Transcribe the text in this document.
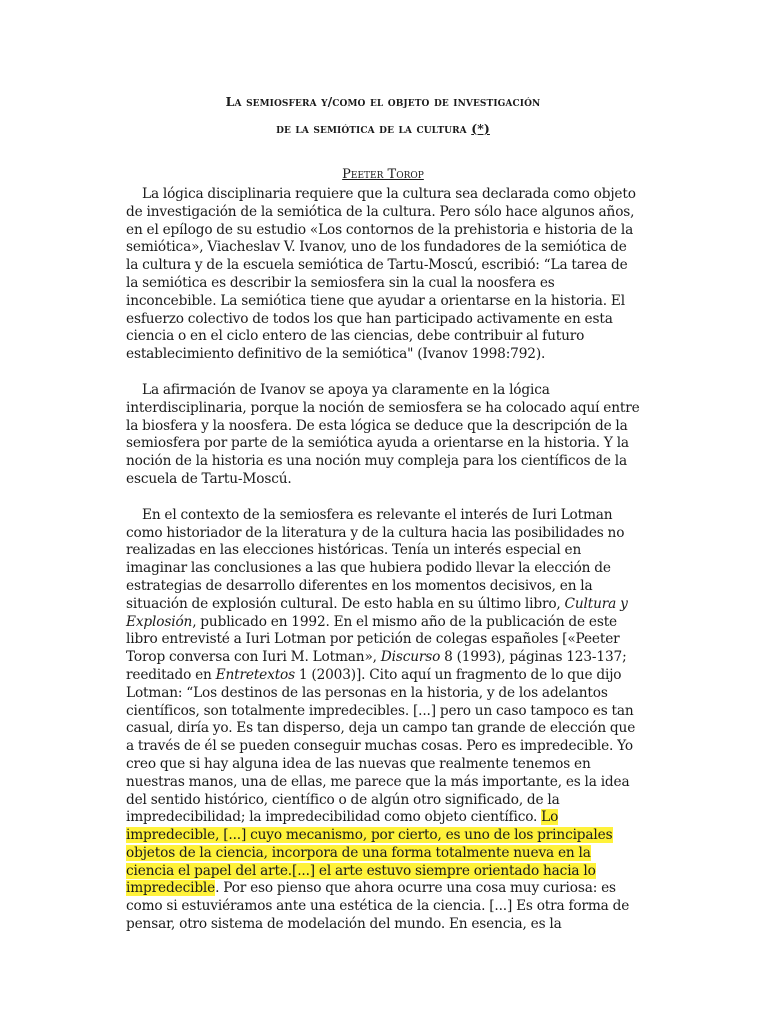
La semiosfera y/como el objeto de investigación
de la semiótica de la cultura (*)
Peeter Torop

La lógica disciplinaria requiere que la cultura sea declarada como objeto de investigación de la semiótica de la cultura. Pero sólo hace algunos años, en el epílogo de su estudio «Los contornos de la prehistoria e historia de la semiótica», Viacheslav V. Ivanov, uno de los fundadores de la semiótica de la cultura y de la escuela semiótica de Tartu-Moscú, escribió: “La tarea de la semiótica es describir la semiosfera sin la cual la noosfera es inconcebible. La semiótica tiene que ayudar a orientarse en la historia. El esfuerzo colectivo de todos los que han participado activamente en esta ciencia o en el ciclo entero de las ciencias, debe contribuir al futuro establecimiento definitivo de la semiótica" (Ivanov 1998:792).

La afirmación de Ivanov se apoya ya claramente en la lógica interdisciplinaria, porque la noción de semiosfera se ha colocado aquí entre la biosfera y la noosfera. De esta lógica se deduce que la descripción de la semiosfera por parte de la semiótica ayuda a orientarse en la historia. Y la noción de la historia es una noción muy compleja para los científicos de la escuela de Tartu-Moscú.

En el contexto de la semiosfera es relevante el interés de Iuri Lotman como historiador de la literatura y de la cultura hacia las posibilidades no realizadas en las elecciones históricas. Tenía un interés especial en imaginar las conclusiones a las que hubiera podido llevar la elección de estrategias de desarrollo diferentes en los momentos decisivos, en la situación de explosión cultural. De esto habla en su último libro, Cultura y Explosión, publicado en 1992. En el mismo año de la publicación de este libro entrevisté a Iuri Lotman por petición de colegas españoles [«Peeter Torop conversa con Iuri M. Lotman», Discurso 8 (1993), páginas 123-137; reeditado en Entretextos 1 (2003)]. Cito aquí un fragmento de lo que dijo Lotman: “Los destinos de las personas en la historia, y de los adelantos científicos, son totalmente impredecibles. [...] pero un caso tampoco es tan casual, diría yo. Es tan disperso, deja un campo tan grande de elección que a través de él se pueden conseguir muchas cosas. Pero es impredecible. Yo creo que si hay alguna idea de las nuevas que realmente tenemos en nuestras manos, una de ellas, me parece que la más importante, es la idea del sentido histórico, científico o de algún otro significado, de la impredecibilidad; la impredecibilidad como objeto científico. Lo impredecible, [...] cuyo mecanismo, por cierto, es uno de los principales objetos de la ciencia, incorpora de una forma totalmente nueva en la ciencia el papel del arte.[...] el arte estuvo siempre orientado hacia lo impredecible. Por eso pienso que ahora ocurre una cosa muy curiosa: es como si estuviéramos ante una estética de la ciencia. [...] Es otra forma de pensar, otro sistema de modelación del mundo. En esencia, es la
